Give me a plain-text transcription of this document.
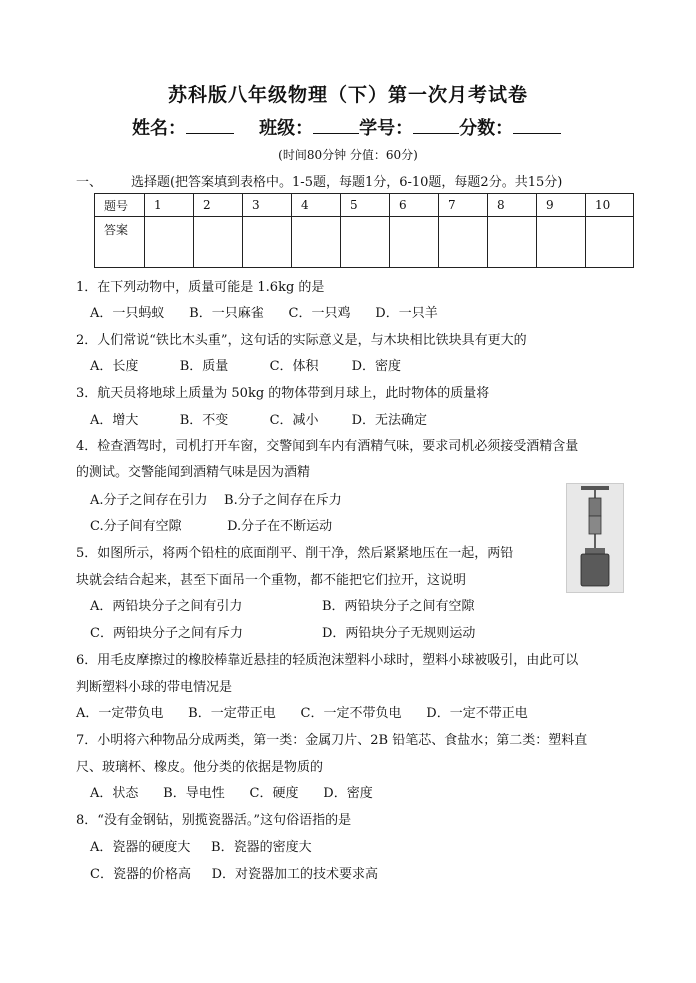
苏科版八年级物理（下）第一次月考试卷
姓名：	班级：	学号：	分数：
(时间80分钟 分值：60分)
一、 选择题(把答案填到表格中。1-5题，每题1分，6-10题，每题2分。共15分)
题号	1	2	3	4	5	6	7	8	9	10
答案										
1．在下列动物中，质量可能是 1.6kg 的是
A．一只蚂蚁      B．一只麻雀      C．一只鸡      D．一只羊
2．人们常说“铁比木头重”，这句话的实际意义是，与木块相比铁块具有更大的
A．长度          B．质量          C．体积        D．密度
3．航天员将地球上质量为 50kg 的物体带到月球上，此时物体的质量将
A．增大          B．不变          C．减小        D．无法确定
4．检查酒驾时，司机打开车窗，交警闻到车内有酒精气味，要求司机必须接受酒精含量
的测试。交警能闻到酒精气味是因为酒精
A.分子之间存在引力    B.分子之间存在斥力
C.分子间有空隙           D.分子在不断运动
5．如图所示，将两个铅柱的底面削平、削干净，然后紧紧地压在一起，两铅
块就会结合起来，甚至下面吊一个重物，都不能把它们拉开，这说明
A．两铅块分子之间有引力	B．两铅块分子之间有空隙
C．两铅块分子之间有斥力	D．两铅块分子无规则运动
6．用毛皮摩擦过的橡胶棒靠近悬挂的轻质泡沫塑料小球时，塑料小球被吸引，由此可以
判断塑料小球的带电情况是
A．一定带负电      B．一定带正电      C．一定不带负电      D．一定不带正电
7．小明将六种物品分成两类，第一类：金属刀片、2B 铅笔芯、食盐水；第二类：塑料直
尺、玻璃杯、橡皮。他分类的依据是物质的
A．状态      B．导电性      C．硬度      D．密度
8．“没有金钢钻，别揽瓷器活。”这句俗语指的是
A．瓷器的硬度大     B．瓷器的密度大
C．瓷器的价格高     D．对瓷器加工的技术要求高
